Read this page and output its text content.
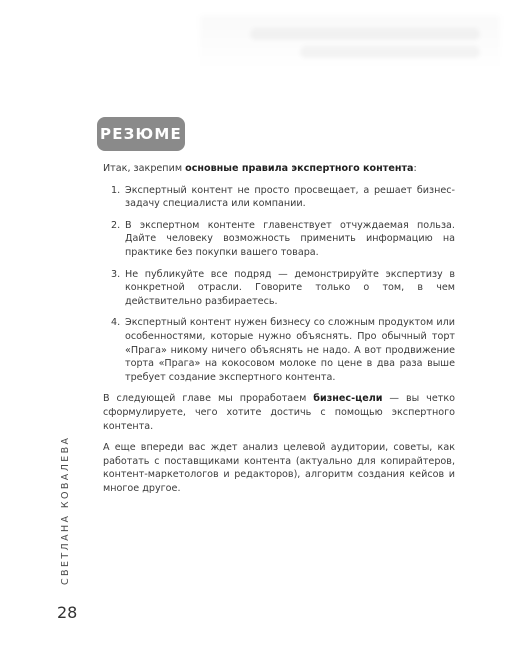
РЕЗЮМЕ

Итак, закрепим основные правила экспертного контента:

1. Экспертный контент не просто просвещает, а решает бизнес-задачу специалиста или компании.
2. В экспертном контенте главенствует отчуждаемая польза. Дайте человеку возможность применить информацию на практике без покупки вашего товара.
3. Не публикуйте все подряд — демонстрируйте экспертизу в конкретной отрасли. Говорите только о том, в чем действительно разбираетесь.
4. Экспертный контент нужен бизнесу со сложным продуктом или особенностями, которые нужно объяснять. Про обычный торт «Прага» никому ничего объяснять не надо. А вот продвижение торта «Прага» на кокосовом молоке по цене в два раза выше требует создание экспертного контента.

В следующей главе мы проработаем бизнес-цели — вы четко сформулируете, чего хотите достичь с помощью экспертного контента.

А еще впереди вас ждет анализ целевой аудитории, советы, как работать с поставщиками контента (актуально для копирайтеров, контент-маркетологов и редакторов), алгоритм создания кейсов и многое другое.

СВЕТЛАНА КОВАЛЕВА
28
